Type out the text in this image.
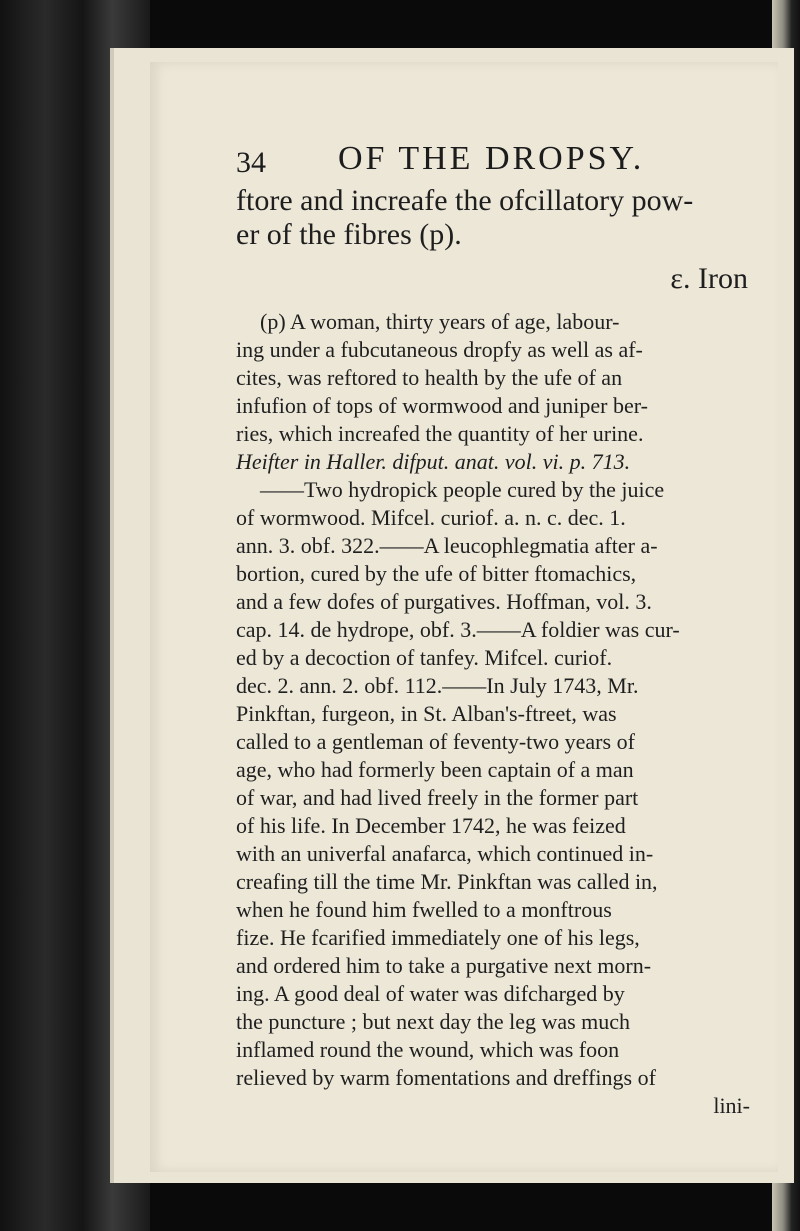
34 OF THE DROPSY.

ftore and increafe the ofcillatory pow-

er of the fibres (p).

ε. Iron

(p) A woman, thirty years of age, labour-

ing under a fubcutaneous dropfy as well as af-

cites, was reftored to health by the ufe of an

infufion of tops of wormwood and juniper ber-

ries, which increafed the quantity of her urine.

Heifter in Haller. difput. anat. vol. vi. p. 713.

——Two hydropick people cured by the juice

of wormwood. Mifcel. curiof. a. n. c. dec. 1.

ann. 3. obf. 322.——A leucophlegmatia after a-

bortion, cured by the ufe of bitter ftomachics,

and a few dofes of purgatives. Hoffman, vol. 3.

cap. 14. de hydrope, obf. 3.——A foldier was cur-

ed by a decoction of tanfey. Mifcel. curiof.

dec. 2. ann. 2. obf. 112.——In July 1743, Mr.

Pinkftan, furgeon, in St. Alban's-ftreet, was

called to a gentleman of feventy-two years of

age, who had formerly been captain of a man

of war, and had lived freely in the former part

of his life. In December 1742, he was feized

with an univerfal anafarca, which continued in-

creafing till the time Mr. Pinkftan was called in,

when he found him fwelled to a monftrous

fize. He fcarified immediately one of his legs,

and ordered him to take a purgative next morn-

ing. A good deal of water was difcharged by

the puncture ; but next day the leg was much

inflamed round the wound, which was foon

relieved by warm fomentations and dreffings of

lini-
